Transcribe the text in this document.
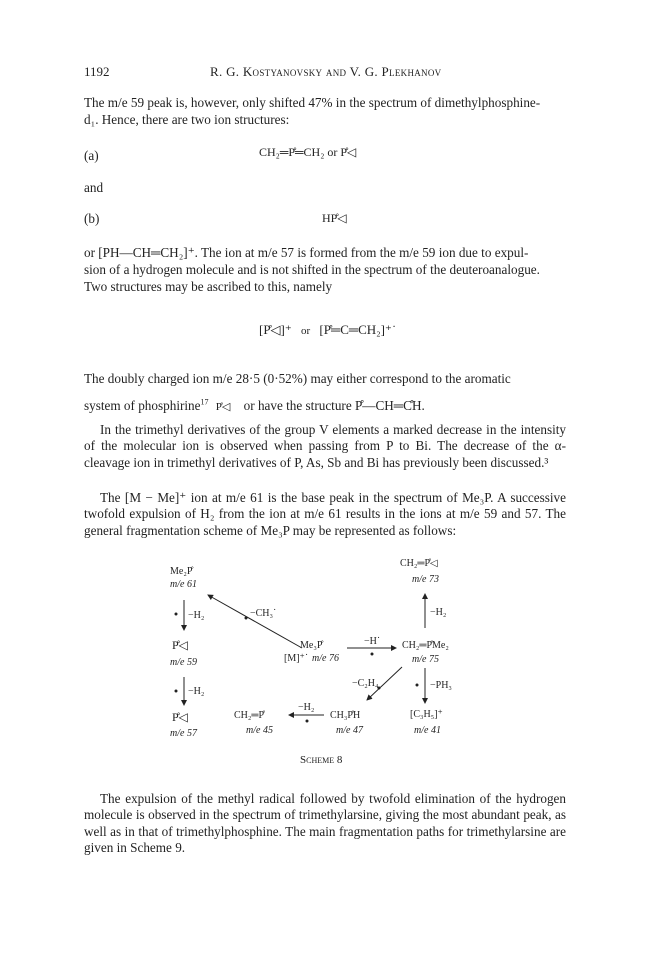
1192	R. G. Kostyanovsky and V. G. Plekhanov
The m/e 59 peak is, however, only shifted 47% in the spectrum of dimethylphosphine-
d₁. Hence, there are two ion structures:
(a)	CH₂═P̊═CH₂ or P̊◁
and
(b)	HP̊◁
or [PH—CH═CH₂]⁺. The ion at m/e 57 is formed from the m/e 59 ion due to expul-
sion of a hydrogen molecule and is not shifted in the spectrum of the deuteroanalogue.
Two structures may be ascribed to this, namely
[P̊◁]⁺ or [P̊═C═CH₂]⁺˙
The doubly charged ion m/e 28·5 (0·52%) may either correspond to the aromatic
system of phosphirine$^{17}$ P̊◁ or have the structure P̊—CH═C̊H.
In the trimethyl derivatives of the group V elements a marked decrease in the intensity of the molecular ion is observed when passing from P to Bi. The decrease of the α-cleavage ion in trimethyl derivatives of P, As, Sb and Bi has previously been discussed.³
The [M − Me]⁺ ion at m/e 61 is the base peak in the spectrum of Me₃P. A successive twofold expulsion of H₂ from the ion at m/e 61 results in the ions at m/e 59 and 57. The general fragmentation scheme of Me₃P may be represented as follows:
Me₂P̊
m/e 61
−H₂	−CH₃˙
P̊◁
m/e 59
−H₂
P̊◁
m/e 57
Me₃P̊
[M]⁺˙ m/e 76
−H˙
CH₂═P̊◁
m/e 73
−H₂
CH₂═P̊Me₂
m/e 75
−C₂H₄	−PH₃
[C₃H₅]⁺
m/e 41
CH₃P̊H
m/e 47
−H₂
CH₂═P̊
m/e 45
Scheme 8
The expulsion of the methyl radical followed by twofold elimination of the hydrogen molecule is observed in the spectrum of trimethylarsine, giving the most abundant peak, as well as in that of trimethylphosphine. The main fragmentation paths for trimethylarsine are given in Scheme 9.
